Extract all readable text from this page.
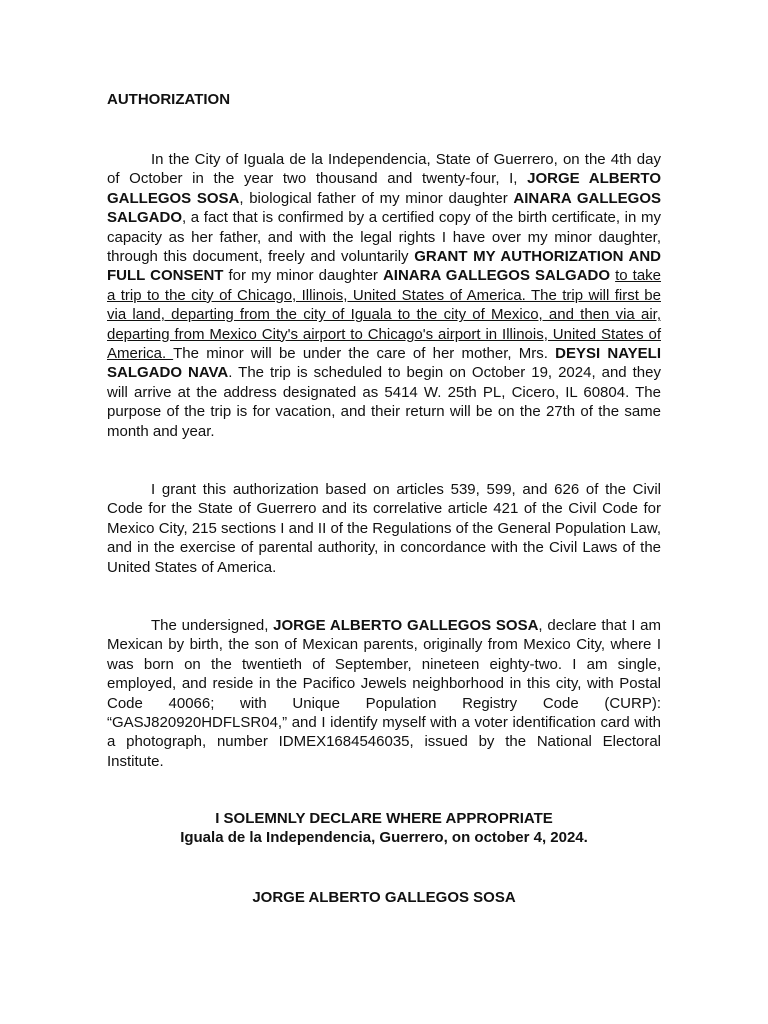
AUTHORIZATION

In the City of Iguala de la Independencia, State of Guerrero, on the 4th day of October in the year two thousand and twenty-four, I, JORGE ALBERTO GALLEGOS SOSA, biological father of my minor daughter AINARA GALLEGOS SALGADO, a fact that is confirmed by a certified copy of the birth certificate, in my capacity as her father, and with the legal rights I have over my minor daughter, through this document, freely and voluntarily GRANT MY AUTHORIZATION AND FULL CONSENT for my minor daughter AINARA GALLEGOS SALGADO to take a trip to the city of Chicago, Illinois, United States of America. The trip will first be via land, departing from the city of Iguala to the city of Mexico, and then via air, departing from Mexico City's airport to Chicago's airport in Illinois, United States of America. The minor will be under the care of her mother, Mrs. DEYSI NAYELI SALGADO NAVA. The trip is scheduled to begin on October 19, 2024, and they will arrive at the address designated as 5414 W. 25th PL, Cicero, IL 60804. The purpose of the trip is for vacation, and their return will be on the 27th of the same month and year.

I grant this authorization based on articles 539, 599, and 626 of the Civil Code for the State of Guerrero and its correlative article 421 of the Civil Code for Mexico City, 215 sections I and II of the Regulations of the General Population Law, and in the exercise of parental authority, in concordance with the Civil Laws of the United States of America.

The undersigned, JORGE ALBERTO GALLEGOS SOSA, declare that I am Mexican by birth, the son of Mexican parents, originally from Mexico City, where I was born on the twentieth of September, nineteen eighty-two. I am single, employed, and reside in the Pacifico Jewels neighborhood in this city, with Postal Code 40066; with Unique Population Registry Code (CURP): “GASJ820920HDFLSR04,” and I identify myself with a voter identification card with a photograph, number IDMEX1684546035, issued by the National Electoral Institute.

I SOLEMNLY DECLARE WHERE APPROPRIATE

Iguala de la Independencia, Guerrero, on october 4, 2024.

JORGE ALBERTO GALLEGOS SOSA
